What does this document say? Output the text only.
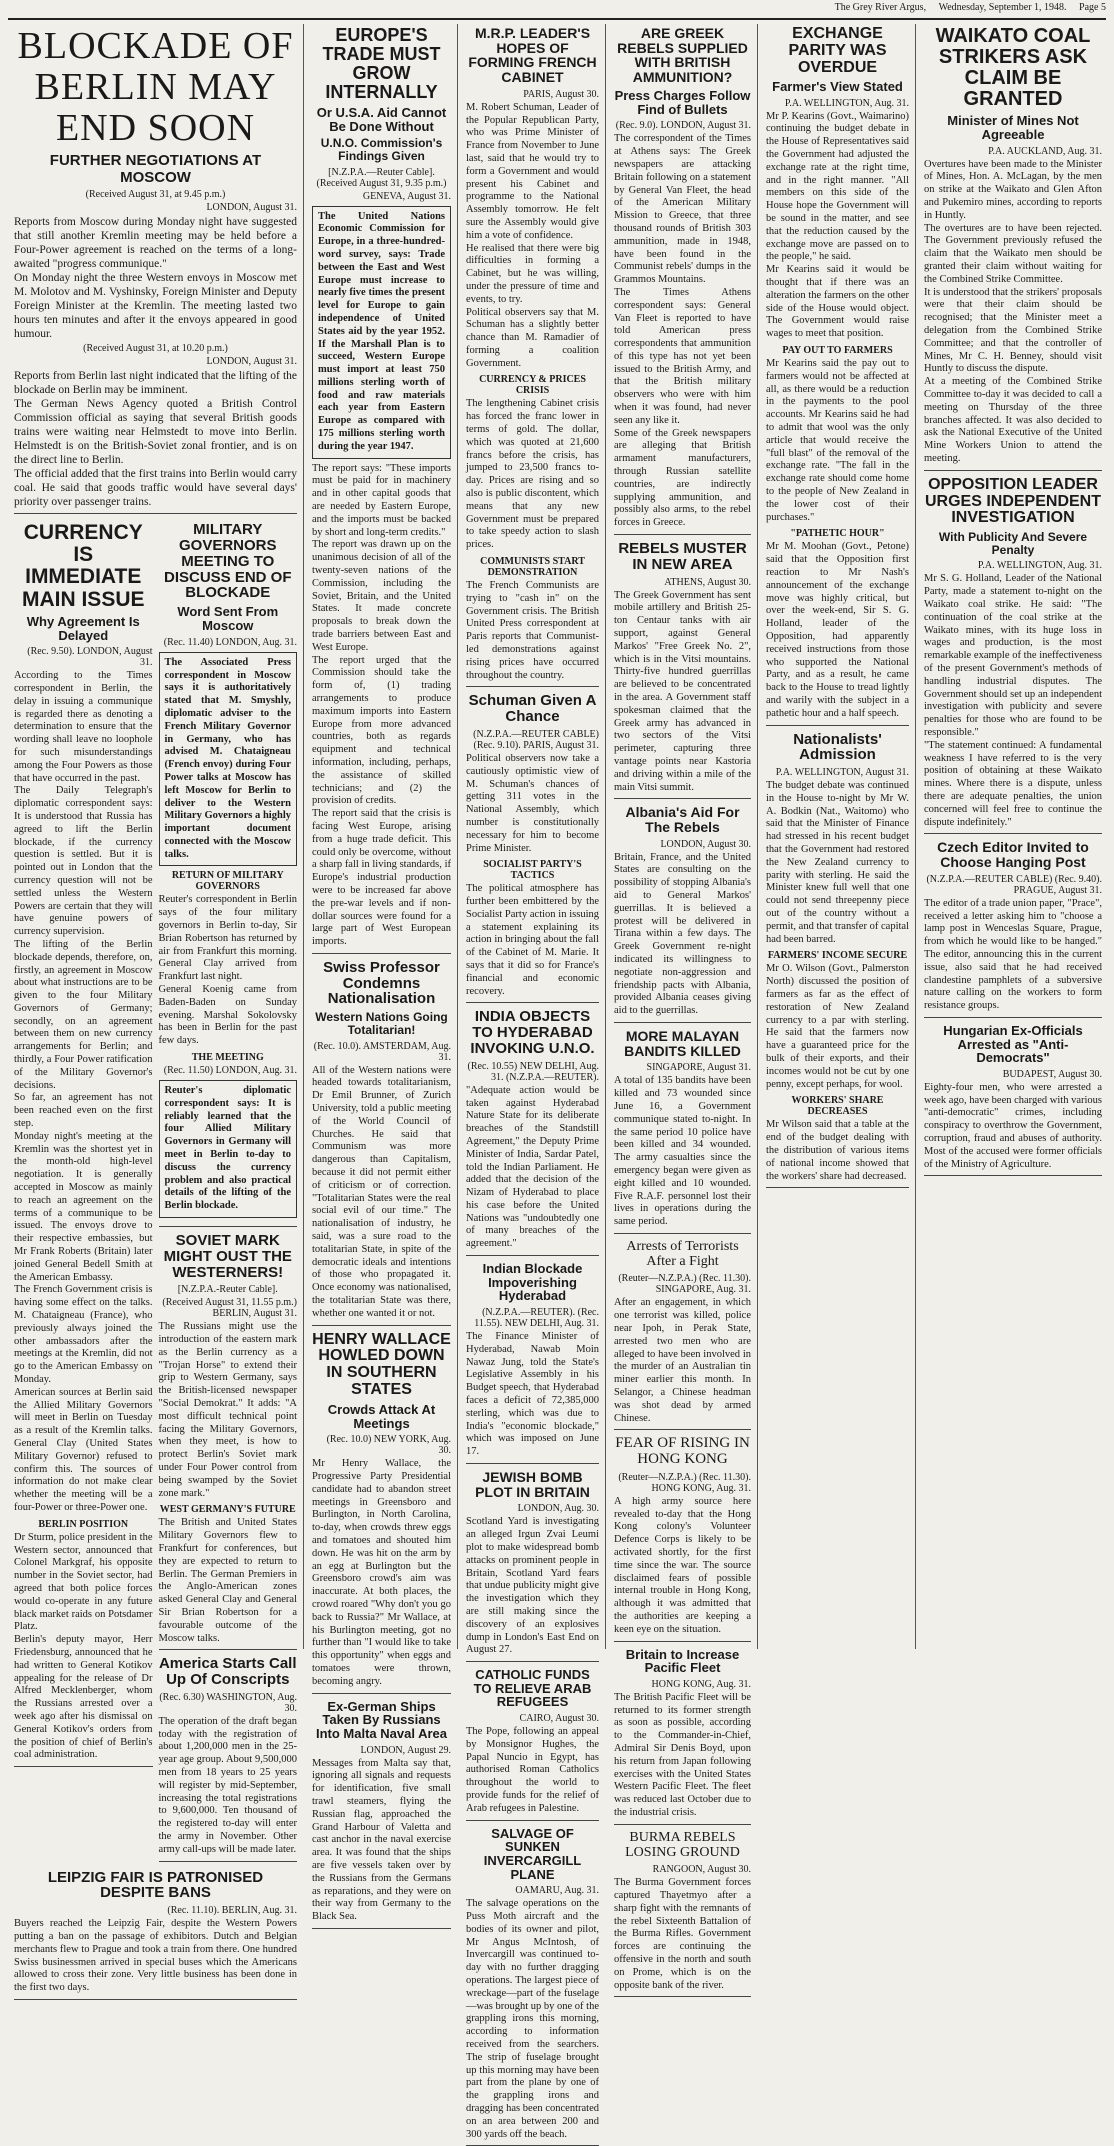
The Grey River Argus, Wednesday, September 1, 1948. Page 5
BLOCKADE OF BERLIN MAY END SOON
FURTHER NEGOTIATIONS AT MOSCOW
(Received August 31, at 9.45 p.m.)
LONDON, August 31.

Reports from Moscow during Monday night have suggested that still another Kremlin meeting may be held before a Four-Power agreement is reached on the terms of a long-awaited "progress communique."

On Monday night the three Western envoys in Moscow met M. Molotov and M. Vyshinsky, Foreign Minister and Deputy Foreign Minister at the Kremlin. The meeting lasted two hours ten minutes and after it the envoys appeared in good humour.

(Received August 31, at 10.20 p.m.)
LONDON, August 31.

Reports from Berlin last night indicated that the lifting of the blockade on Berlin may be imminent.

The German News Agency quoted a British Control Commission official as saying that several British goods trains were waiting near Helmstedt to move into Berlin. Helmstedt is on the British-Soviet zonal frontier, and is on the direct line to Berlin.

The official added that the first trains into Berlin would carry coal. He said that goods traffic would have several days' priority over passenger trains.

CURRENCY IS IMMEDIATE MAIN ISSUE
Why Agreement Is Delayed
(Rec. 9.50). LONDON, August 31.

According to the Times correspondent in Berlin, the delay in issuing a communique is regarded there as denoting a determination to ensure that the wording shall leave no loophole for such misunderstandings among the Four Powers as those that have occurred in the past.

The Daily Telegraph's diplomatic correspondent says: It is understood that Russia has agreed to lift the Berlin blockade, if the currency question is settled. But it is pointed out in London that the currency question will not be settled unless the Western Powers are certain that they will have genuine powers of currency supervision.

The lifting of the Berlin blockade depends, therefore, on, firstly, an agreement in Moscow about what instructions are to be given to the four Military Governors of Germany; secondly, on an agreement between them on new currency arrangements for Berlin; and thirdly, a Four Power ratification of the Military Governor's decisions.

So far, an agreement has not been reached even on the first step.

Monday night's meeting at the Kremlin was the shortest yet in the month-old high-level negotiation. It is generally accepted in Moscow as mainly to reach an agreement on the terms of a communique to be issued. The envoys drove to their respective embassies, but Mr Frank Roberts (Britain) later joined General Bedell Smith at the American Embassy.

The French Government crisis is having some effect on the talks. M. Chataigneau (France), who previously always joined the other ambassadors after the meetings at the Kremlin, did not go to the American Embassy on Monday.

American sources at Berlin said the Allied Military Governors will meet in Berlin on Tuesday as a result of the Kremlin talks. General Clay (United States Military Governor) refused to confirm this. The sources of information do not make clear whether the meeting will be a four-Power or three-Power one.

BERLIN POSITION

Dr Sturm, police president in the Western sector, announced that Colonel Markgraf, his opposite number in the Soviet sector, had agreed that both police forces would co-operate in any future black market raids on Potsdamer Platz.

Berlin's deputy mayor, Herr Friedensburg, announced that he had written to General Kotikov appealing for the release of Dr Alfred Mecklenberger, whom the Russians arrested over a week ago after his dismissal on General Kotikov's orders from the position of chief of Berlin's coal administration.

MILITARY GOVERNORS MEETING TO DISCUSS END OF BLOCKADE
Word Sent From Moscow
(Rec. 11.40) LONDON, Aug. 31.
The Associated Press correspondent in Moscow says it is authoritatively stated that M. Smyshly, diplomatic adviser to the French Military Governor in Germany, who has advised M. Chataigneau (French envoy) during Four Power talks at Moscow has left Moscow for Berlin to deliver to the Western Military Governors a highly important document connected with the Moscow talks.
RETURN OF MILITARY GOVERNORS

Reuter's correspondent in Berlin says of the four military governors in Berlin to-day, Sir Brian Robertson has returned by air from Frankfurt this morning. General Clay arrived from Frankfurt last night.

General Koenig came from Baden-Baden on Sunday evening. Marshal Sokolovsky has been in Berlin for the past few days.

THE MEETING
(Rec. 11.50) LONDON, Aug. 31.
Reuter's diplomatic correspondent says: It is reliably learned that the four Allied Military Governors in Germany will meet in Berlin to-day to discuss the currency problem and also practical details of the lifting of the Berlin blockade.
SOVIET MARK MIGHT OUST THE WESTERNERS!
[N.Z.P.A.-Reuter Cable].
(Received August 31, 11.55 p.m.) BERLIN, August 31.

The Russians might use the introduction of the eastern mark as the Berlin currency as a "Trojan Horse" to extend their grip to Western Germany, says the British-licensed newspaper "Social Demokrat." It adds: "A most difficult technical point facing the Military Governors, when they meet, is how to protect Berlin's Soviet mark under Four Power control from being swamped by the Soviet zone mark."

WEST GERMANY'S FUTURE

The British and United States Military Governors flew to Frankfurt for conferences, but they are expected to return to Berlin. The German Premiers in the Anglo-American zones asked General Clay and General Sir Brian Robertson for a favourable outcome of the Moscow talks.

America Starts Call Up Of Conscripts
(Rec. 6.30) WASHINGTON, Aug. 30.

The operation of the draft began today with the registration of about 1,200,000 men in the 25-year age group. About 9,500,000 men from 18 years to 25 years will register by mid-September, increasing the total registrations to 9,600,000. Ten thousand of the registered to-day will enter the army in November. Other army call-ups will be made later.

LEIPZIG FAIR IS PATRONISED DESPITE BANS
(Rec. 11.10). BERLIN, Aug. 31.

Buyers reached the Leipzig Fair, despite the Western Powers putting a ban on the passage of exhibitors. Dutch and Belgian merchants flew to Prague and took a train from there. One hundred Swiss businessmen arrived in special buses which the Americans allowed to cross their zone. Very little business has been done in the first two days.

EUROPE'S TRADE MUST GROW INTERNALLY
Or U.S.A. Aid Cannot Be Done Without
U.N.O. Commission's Findings Given
[N.Z.P.A.—Reuter Cable]. (Received August 31, 9.35 p.m.)
GENEVA, August 31.
The United Nations Economic Commission for Europe, in a three-hundred-word survey, says: Trade between the East and West Europe must increase to nearly five times the present level for Europe to gain independence of United States aid by the year 1952. If the Marshall Plan is to succeed, Western Europe must import at least 750 millions sterling worth of food and raw materials each year from Eastern Europe as compared with 175 millions sterling worth during the year 1947.

The report says: "These imports must be paid for in machinery and in other capital goods that are needed by Eastern Europe, and the imports must be backed by short and long-term credits."

The report was drawn up on the unanimous decision of all of the twenty-seven nations of the Commission, including the Soviet, Britain, and the United States. It made concrete proposals to break down the trade barriers between East and West Europe.

The report urged that the Commission should take the form of, (1) trading arrangements to produce maximum imports into Eastern Europe from more advanced countries, both as regards equipment and technical information, including, perhaps, the assistance of skilled technicians; and (2) the provision of credits.

The report said that the crisis is facing West Europe, arising from a huge trade deficit. This could only be overcome, without a sharp fall in living standards, if Europe's industrial production were to be increased far above the pre-war levels and if non-dollar sources were found for a large part of West European imports.

Swiss Professor Condemns Nationalisation
Western Nations Going Totalitarian!
(Rec. 10.0). AMSTERDAM, Aug. 31.

All of the Western nations were headed towards totalitarianism, Dr Emil Brunner, of Zurich University, told a public meeting of the World Council of Churches. He said that Communism was more dangerous than Capitalism, because it did not permit either of criticism or of correction. "Totalitarian States were the real social evil of our time." The nationalisation of industry, he said, was a sure road to the totalitarian State, in spite of the democratic ideals and intentions of those who propagated it. Once economy was nationalised, the totalitarian State was there, whether one wanted it or not.

HENRY WALLACE HOWLED DOWN IN SOUTHERN STATES
Crowds Attack At Meetings
(Rec. 10.0) NEW YORK, Aug. 30.

Mr Henry Wallace, the Progressive Party Presidential candidate had to abandon street meetings in Greensboro and Burlington, in North Carolina, to-day, when crowds threw eggs and tomatoes and shouted him down. He was hit on the arm by an egg at Burlington but the Greensboro crowd's aim was inaccurate. At both places, the crowd roared "Why don't you go back to Russia?" Mr Wallace, at his Burlington meeting, got no further than "I would like to take this opportunity" when eggs and tomatoes were thrown, becoming angry.

Ex-German Ships Taken By Russians Into Malta Naval Area
LONDON, August 29.

Messages from Malta say that, ignoring all signals and requests for identification, five small trawl steamers, flying the Russian flag, approached the Grand Harbour of Valetta and cast anchor in the naval exercise area. It was found that the ships are five vessels taken over by the Russians from the Germans as reparations, and they were on their way from Germany to the Black Sea.

M.R.P. LEADER'S HOPES OF FORMING FRENCH CABINET
PARIS, August 30.

M. Robert Schuman, Leader of the Popular Republican Party, who was Prime Minister of France from November to June last, said that he would try to form a Government and would present his Cabinet and programme to the National Assembly tomorrow. He felt sure the Assembly would give him a vote of confidence.

He realised that there were big difficulties in forming a Cabinet, but he was willing, under the pressure of time and events, to try.

Political observers say that M. Schuman has a slightly better chance than M. Ramadier of forming a coalition Government.

CURRENCY & PRICES CRISIS

The lengthening Cabinet crisis has forced the franc lower in terms of gold. The dollar, which was quoted at 21,600 francs before the crisis, has jumped to 23,500 francs to-day. Prices are rising and so also is public discontent, which means that any new Government must be prepared to take speedy action to slash prices.

COMMUNISTS START DEMONSTRATION

The French Communists are trying to "cash in" on the Government crisis. The British United Press correspondent at Paris reports that Communist-led demonstrations against rising prices have occurred throughout the country.

Schuman Given A Chance
(N.Z.P.A.—REUTER CABLE) (Rec. 9.10). PARIS, August 31.

Political observers now take a cautiously optimistic view of M. Schuman's chances of getting 311 votes in the National Assembly, which number is constitutionally necessary for him to become Prime Minister.

SOCIALIST PARTY'S TACTICS

The political atmosphere has further been embittered by the Socialist Party action in issuing a statement explaining its action in bringing about the fall of the Cabinet of M. Marie. It says that it did so for France's financial and economic recovery.

INDIA OBJECTS TO HYDERABAD INVOKING U.N.O.
(Rec. 10.55) NEW DELHI, Aug. 31. (N.Z.P.A.—REUTER).

"Adequate action would be taken against Hyderabad Nature State for its deliberate breaches of the Standstill Agreement," the Deputy Prime Minister of India, Sardar Patel, told the Indian Parliament. He added that the decision of the Nizam of Hyderabad to place his case before the United Nations was "undoubtedly one of many breaches of the agreement."

Indian Blockade Impoverishing Hyderabad
(N.Z.P.A.—REUTER). (Rec. 11.55). NEW DELHI, Aug. 31.

The Finance Minister of Hyderabad, Nawab Moin Nawaz Jung, told the State's Legislative Assembly in his Budget speech, that Hyderabad faces a deficit of 72,385,000 sterling, which was due to India's "economic blockade," which was imposed on June 17.

JEWISH BOMB PLOT IN BRITAIN
LONDON, Aug. 30.

Scotland Yard is investigating an alleged Irgun Zvai Leumi plot to make widespread bomb attacks on prominent people in Britain, Scotland Yard fears that undue publicity might give the investigation which they are still making since the discovery of an explosives dump in London's East End on August 27.

CATHOLIC FUNDS TO RELIEVE ARAB REFUGEES
CAIRO, August 30.

The Pope, following an appeal by Monsignor Hughes, the Papal Nuncio in Egypt, has authorised Roman Catholics throughout the world to provide funds for the relief of Arab refugees in Palestine.

SALVAGE OF SUNKEN INVERCARGILL PLANE
OAMARU, Aug. 31.

The salvage operations on the Puss Moth aircraft and the bodies of its owner and pilot, Mr Angus McIntosh, of Invercargill was continued to-day with no further dragging operations. The largest piece of wreckage—part of the fuselage—was brought up by one of the grappling irons this morning, according to information received from the searchers. The strip of fuselage brought up this morning may have been part from the plane by one of the grappling irons and dragging has been concentrated on an area between 200 and 300 yards off the beach.

ARE GREEK REBELS SUPPLIED WITH BRITISH AMMUNITION?
Press Charges Follow Find of Bullets
(Rec. 9.0). LONDON, August 31.

The correspondent of the Times at Athens says: The Greek newspapers are attacking Britain following on a statement by General Van Fleet, the head of the American Military Mission to Greece, that three thousand rounds of British 303 ammunition, made in 1948, have been found in the Communist rebels' dumps in the Grammos Mountains.

The Times Athens correspondent says: General Van Fleet is reported to have told American press correspondents that ammunition of this type has not yet been issued to the British Army, and that the British military observers who were with him when it was found, had never seen any like it.

Some of the Greek newspapers are alleging that British armament manufacturers, through Russian satellite countries, are indirectly supplying ammunition, and possibly also arms, to the rebel forces in Greece.

REBELS MUSTER IN NEW AREA
ATHENS, August 30.

The Greek Government has sent mobile artillery and British 25-ton Centaur tanks with air support, against General Markos' "Free Greek No. 2", which is in the Vitsi mountains. Thirty-five hundred guerrillas are believed to be concentrated in the area. A Government staff spokesman claimed that the Greek army has advanced in two sectors of the Vitsi perimeter, capturing three vantage points near Kastoria and driving within a mile of the main Vitsi summit.

Albania's Aid For The Rebels
LONDON, August 30.

Britain, France, and the United States are consulting on the possibility of stopping Albania's aid to General Markos' guerrillas. It is believed a protest will be delivered in Tirana within a few days. The Greek Government re-night indicated its willingness to negotiate non-aggression and friendship pacts with Albania, provided Albania ceases giving aid to the guerrillas.

MORE MALAYAN BANDITS KILLED
SINGAPORE, August 31.

A total of 135 bandits have been killed and 73 wounded since June 16, a Government communique stated to-night. In the same period 10 police have been killed and 34 wounded. The army casualties since the emergency began were given as eight killed and 10 wounded. Five R.A.F. personnel lost their lives in operations during the same period.

Arrests of Terrorists After a Fight
(Reuter—N.Z.P.A.) (Rec. 11.30). SINGAPORE, Aug. 31.

After an engagement, in which one terrorist was killed, police near Ipoh, in Perak State, arrested two men who are alleged to have been involved in the murder of an Australian tin miner earlier this month. In Selangor, a Chinese headman was shot dead by armed Chinese.

FEAR OF RISING IN HONG KONG
(Reuter—N.Z.P.A.) (Rec. 11.30). HONG KONG, Aug. 31.

A high army source here revealed to-day that the Hong Kong colony's Volunteer Defence Corps is likely to be activated shortly, for the first time since the war. The source disclaimed fears of possible internal trouble in Hong Kong, although it was admitted that the authorities are keeping a keen eye on the situation.

Britain to Increase Pacific Fleet
HONG KONG, Aug. 31.

The British Pacific Fleet will be returned to its former strength as soon as possible, according to the Commander-in-Chief, Admiral Sir Denis Boyd, upon his return from Japan following exercises with the United States Western Pacific Fleet. The fleet was reduced last October due to the industrial crisis.

BURMA REBELS LOSING GROUND
RANGOON, August 30.

The Burma Government forces captured Thayetmyo after a sharp fight with the remnants of the rebel Sixteenth Battalion of the Burma Rifles. Government forces are continuing the offensive in the north and south on Prome, which is on the opposite bank of the river.

EXCHANGE PARITY WAS OVERDUE
Farmer's View Stated
P.A. WELLINGTON, Aug. 31.

Mr P. Kearins (Govt., Waimarino) continuing the budget debate in the House of Representatives said the Government had adjusted the exchange rate at the right time, and in the right manner. "All members on this side of the House hope the Government will be sound in the matter, and see that the reduction caused by the exchange move are passed on to the people," he said.

Mr Kearins said it would be thought that if there was an alteration the farmers on the other side of the House would object. The Government would raise wages to meet that position.

PAY OUT TO FARMERS

Mr Kearins said the pay out to farmers would not be affected at all, as there would be a reduction in the payments to the pool accounts. Mr Kearins said he had to admit that wool was the only article that would receive the "full blast" of the removal of the exchange rate. "The fall in the exchange rate should come home to the people of New Zealand in the lower cost of their purchases."

"PATHETIC HOUR"

Mr M. Moohan (Govt., Petone) said that the Opposition first reaction to Mr Nash's announcement of the exchange move was highly critical, but over the week-end, Sir S. G. Holland, leader of the Opposition, had apparently received instructions from those who supported the National Party, and as a result, he came back to the House to tread lightly and warily with the subject in a pathetic hour and a half speech.

Nationalists' Admission
P.A. WELLINGTON, August 31.

The budget debate was continued in the House to-night by Mr W. A. Bodkin (Nat., Waitomo) who said that the Minister of Finance had stressed in his recent budget that the Government had restored the New Zealand currency to parity with sterling. He said the Minister knew full well that one could not send threepenny piece out of the country without a permit, and that transfer of capital had been barred.

FARMERS' INCOME SECURE

Mr O. Wilson (Govt., Palmerston North) discussed the position of farmers as far as the effect of restoration of New Zealand currency to a par with sterling. He said that the farmers now have a guaranteed price for the bulk of their exports, and their incomes would not be cut by one penny, except perhaps, for wool.

WORKERS' SHARE DECREASES

Mr Wilson said that a table at the end of the budget dealing with the distribution of various items of national income showed that the workers' share had decreased.

WAIKATO COAL STRIKERS ASK CLAIM BE GRANTED
Minister of Mines Not Agreeable
P.A. AUCKLAND, Aug. 31.

Overtures have been made to the Minister of Mines, Hon. A. McLagan, by the men on strike at the Waikato and Glen Afton and Pukemiro mines, according to reports in Huntly.

The overtures are to have been rejected. The Government previously refused the claim that the Waikato men should be granted their claim without waiting for the Combined Strike Committee.

It is understood that the strikers' proposals were that their claim should be recognised; that the Minister meet a delegation from the Combined Strike Committee; and that the controller of Mines, Mr C. H. Benney, should visit Huntly to discuss the dispute.

At a meeting of the Combined Strike Committee to-day it was decided to call a meeting on Thursday of the three branches affected. It was also decided to ask the National Executive of the United Mine Workers Union to attend the meeting.

OPPOSITION LEADER URGES INDEPENDENT INVESTIGATION
With Publicity And Severe Penalty
P.A. WELLINGTON, Aug. 31.

Mr S. G. Holland, Leader of the National Party, made a statement to-night on the Waikato coal strike. He said: "The continuation of the coal strike at the Waikato mines, with its huge loss in wages and production, is the most remarkable example of the ineffectiveness of the present Government's methods of handling industrial disputes. The Government should set up an independent investigation with publicity and severe penalties for those who are found to be responsible."

"The statement continued: A fundamental weakness I have referred to is the very position of obtaining at these Waikato mines. Where there is a dispute, unless there are adequate penalties, the union concerned will feel free to continue the dispute indefinitely."

Czech Editor Invited to Choose Hanging Post
(N.Z.P.A.—REUTER CABLE) (Rec. 9.40). PRAGUE, August 31.

The editor of a trade union paper, "Prace", received a letter asking him to "choose a lamp post in Wenceslas Square, Prague, from which he would like to be hanged." The editor, announcing this in the current issue, also said that he had received clandestine pamphlets of a subversive nature calling on the workers to form resistance groups.

Hungarian Ex-Officials Arrested as "Anti-Democrats"
BUDAPEST, August 30.

Eighty-four men, who were arrested a week ago, have been charged with various "anti-democratic" crimes, including conspiracy to overthrow the Government, corruption, fraud and abuses of authority. Most of the accused were former officials of the Ministry of Agriculture.
